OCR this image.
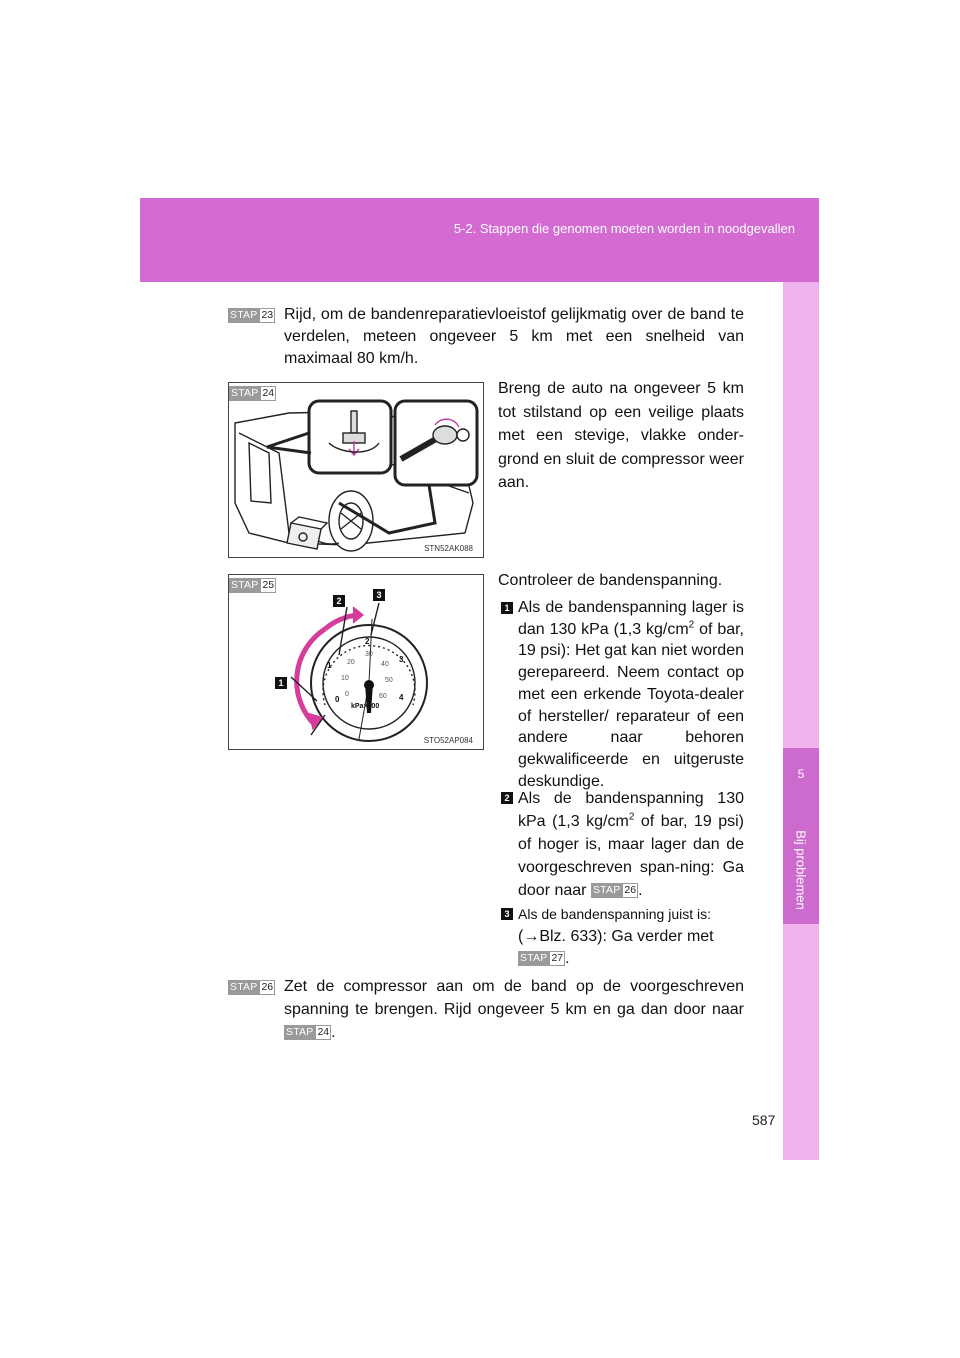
5-2. Stappen die genomen moeten worden in noodgevallen
5
Bij problemen
STAP 23 Rijd, om de bandenreparatievloeistof gelijkmatig over de band te verdelen, meteen ongeveer 5 km met een snelheid van maximaal 80 km/h.
STAP 24
STN52AK088
Breng de auto na ongeveer 5 km tot stilstand op een veilige plaats met een stevige, vlakke onder-grond en sluit de compressor weer aan.
STAP 25
0
1
2
3
4
0
10
20
30
40
50
60
kPa×100
1
2
3
STO52AP084
Controleer de bandenspanning.
1 Als de bandenspanning lager is dan 130 kPa (1,3 $kg/cm^2$ of bar, 19 psi): Het gat kan niet worden gerepareerd. Neem contact op met een erkende Toyota-dealer of hersteller/ reparateur of een andere naar behoren gekwalificeerde en uitgeruste deskundige.
2 Als de bandenspanning 130 kPa (1,3 $kg/cm^2$ of bar, 19 psi) of hoger is, maar lager dan de voorgeschreven span-ning: Ga door naar STAP 26 .
3 Als de bandenspanning juist is:
(→Blz. 633): Ga verder met

STAP 27 .
STAP 26 Zet de compressor aan om de band op de voorgeschreven spanning te brengen. Rijd ongeveer 5 km en ga dan door naar
STAP 24 .
587
